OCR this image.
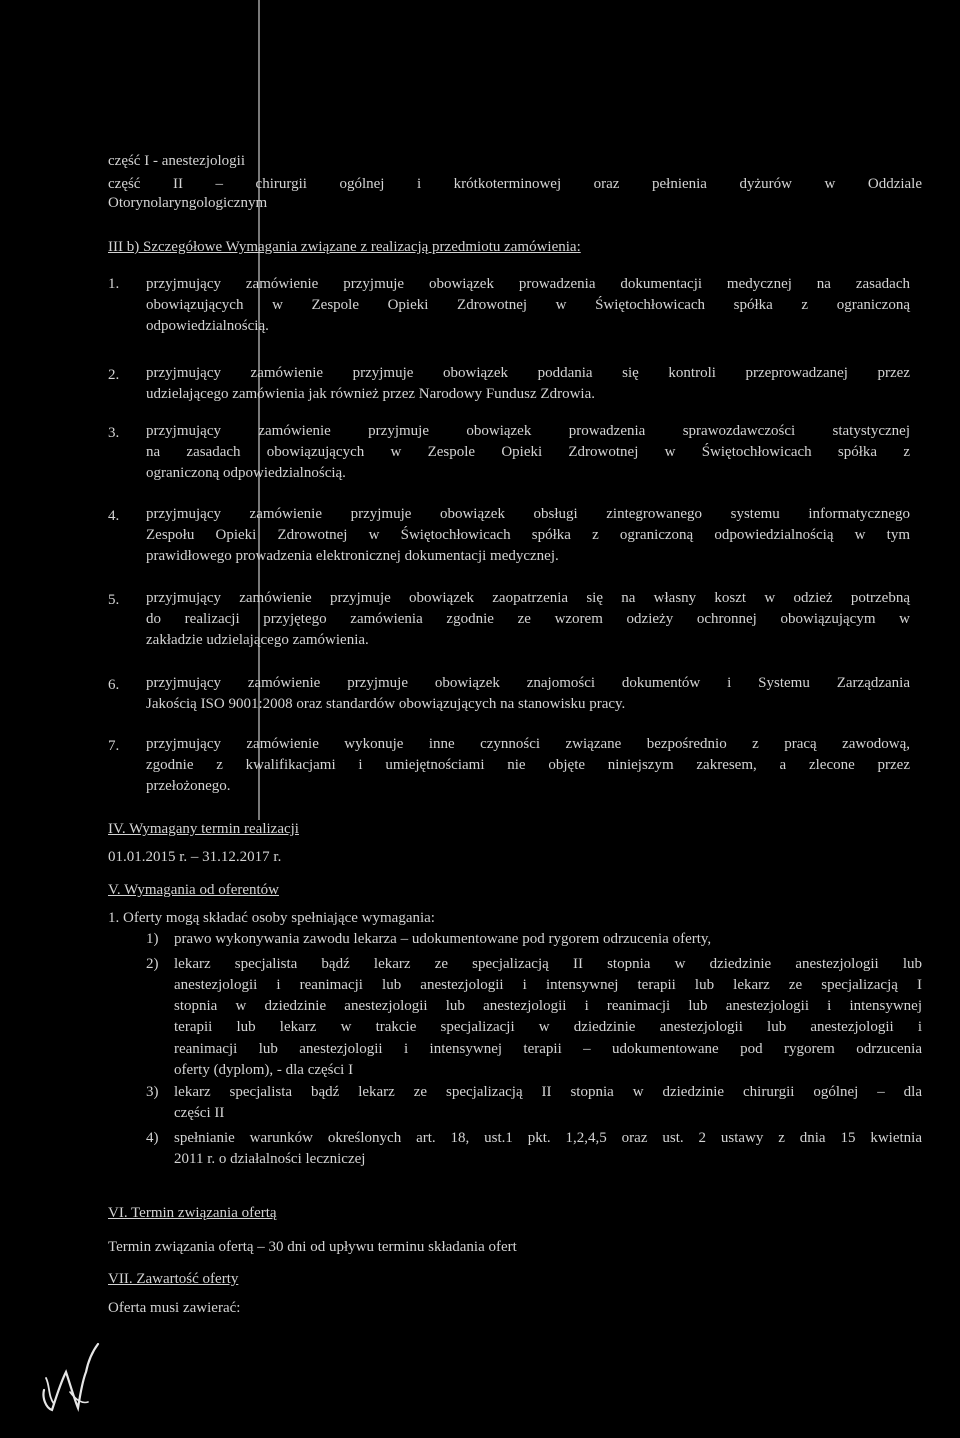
część I - anestezjologii
część II – chirurgii ogólnej i krótkoterminowej oraz pełnienia dyżurów w Oddziale
Otorynolaryngologicznym
III b) Szczegółowe Wymagania związane z realizacją przedmiotu zamówienia:
1. przyjmujący zamówienie przyjmuje obowiązek prowadzenia dokumentacji medycznej na zasadach
obowiązujących w Zespole Opieki Zdrowotnej w Świętochłowicach spółka z ograniczoną
odpowiedzialnością.
2. przyjmujący zamówienie przyjmuje obowiązek poddania się kontroli przeprowadzanej przez
udzielającego zamówienia jak również przez Narodowy Fundusz Zdrowia.
3. przyjmujący zamówienie przyjmuje obowiązek prowadzenia sprawozdawczości statystycznej
na zasadach obowiązujących w Zespole Opieki Zdrowotnej w Świętochłowicach spółka z
ograniczoną odpowiedzialnością.
4. przyjmujący zamówienie przyjmuje obowiązek obsługi zintegrowanego systemu informatycznego
Zespołu Opieki Zdrowotnej w Świętochłowicach spółka z ograniczoną odpowiedzialnością w tym
prawidłowego prowadzenia elektronicznej dokumentacji medycznej.
5. przyjmujący zamówienie przyjmuje obowiązek zaopatrzenia się na własny koszt w odzież potrzebną
do realizacji przyjętego zamówienia zgodnie ze wzorem odzieży ochronnej obowiązującym w
zakładzie udzielającego zamówienia.
6. przyjmujący zamówienie przyjmuje obowiązek znajomości dokumentów i Systemu Zarządzania
Jakością ISO 9001:2008 oraz standardów obowiązujących na stanowisku pracy.
7. przyjmujący zamówienie wykonuje inne czynności związane bezpośrednio z pracą zawodową,
zgodnie z kwalifikacjami i umiejętnościami nie objęte niniejszym zakresem, a zlecone przez
przełożonego.
IV. Wymagany termin realizacji
01.01.2015 r. – 31.12.2017 r.
V. Wymagania od oferentów
1. Oferty mogą składać osoby spełniające wymagania:
1) prawo wykonywania zawodu lekarza – udokumentowane pod rygorem odrzucenia oferty,
2) lekarz specjalista bądź lekarz ze specjalizacją II stopnia w dziedzinie anestezjologii lub
anestezjologii i reanimacji lub anestezjologii i intensywnej terapii lub lekarz ze specjalizacją I
stopnia w dziedzinie anestezjologii lub anestezjologii i reanimacji lub anestezjologii i intensywnej
terapii lub lekarz w trakcie specjalizacji w dziedzinie anestezjologii lub anestezjologii i
reanimacji lub anestezjologii i intensywnej terapii – udokumentowane pod rygorem odrzucenia
oferty (dyplom), - dla części I
3) lekarz specjalista bądź lekarz ze specjalizacją II stopnia w dziedzinie chirurgii ogólnej – dla
części II
4) spełnianie warunków określonych art. 18, ust.1 pkt. 1,2,4,5 oraz ust. 2 ustawy z dnia 15 kwietnia
2011 r. o działalności leczniczej
VI. Termin związania ofertą
Termin związania ofertą – 30 dni od upływu terminu składania ofert
VII. Zawartość oferty
Oferta musi zawierać:
